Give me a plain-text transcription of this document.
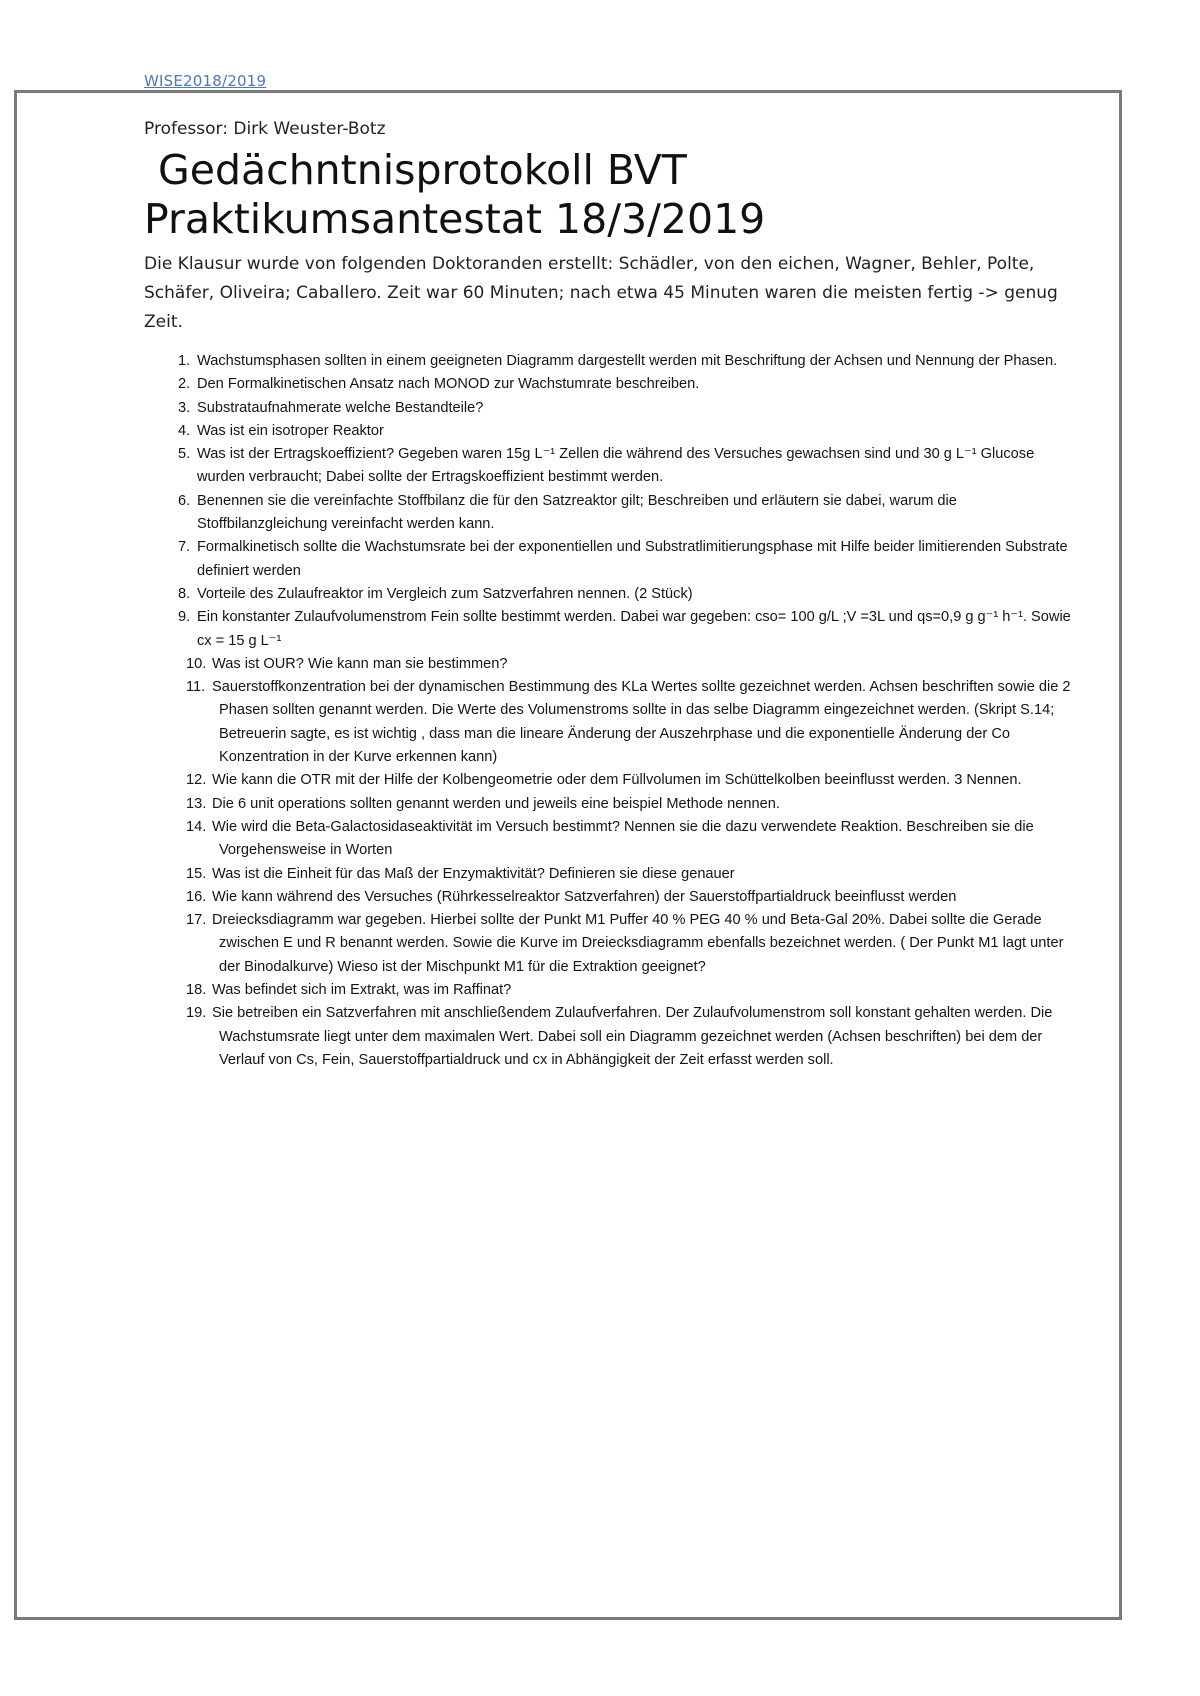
WISE2018/2019
Professor: Dirk Weuster-Botz
Gedächntnisprotokoll BVT
Praktikumsantestat 18/3/2019

Die Klausur wurde von folgenden Doktoranden erstellt: Schädler, von den eichen, Wagner, Behler, Polte, Schäfer, Oliveira; Caballero. Zeit war 60 Minuten; nach etwa 45 Minuten waren die meisten fertig -> genug Zeit.

1. Wachstumsphasen sollten in einem geeigneten Diagramm dargestellt werden mit Beschriftung der Achsen und Nennung der Phasen.
2. Den Formalkinetischen Ansatz nach MONOD zur Wachstumrate beschreiben.
3. Substrataufnahmerate welche Bestandteile?
4. Was ist ein isotroper Reaktor
5. Was ist der Ertragskoeffizient? Gegeben waren 15g L⁻¹ Zellen die während des Versuches gewachsen sind und 30 g L⁻¹ Glucose wurden verbraucht; Dabei sollte der Ertragskoeffizient bestimmt werden.
6. Benennen sie die vereinfachte Stoffbilanz die für den Satzreaktor gilt; Beschreiben und erläutern sie dabei, warum die Stoffbilanzgleichung vereinfacht werden kann.
7. Formalkinetisch sollte die Wachstumsrate bei der exponentiellen und Substratlimitierungsphase mit Hilfe beider limitierenden Substrate definiert werden
8. Vorteile des Zulaufreaktor im Vergleich zum Satzverfahren nennen. (2 Stück)
9. Ein konstanter Zulaufvolumenstrom Fein sollte bestimmt werden. Dabei war gegeben: cso= 100 g/L ;V =3L und qs=0,9 g g⁻¹ h⁻¹. Sowie cx = 15 g L⁻¹
10. Was ist OUR? Wie kann man sie bestimmen?
11. Sauerstoffkonzentration bei der dynamischen Bestimmung des KLa Wertes sollte gezeichnet werden. Achsen beschriften sowie die 2 Phasen sollten genannt werden. Die Werte des Volumenstroms sollte in das selbe Diagramm eingezeichnet werden. (Skript S.14; Betreuerin sagte, es ist wichtig , dass man die lineare Änderung der Auszehrphase und die exponentielle Änderung der Co Konzentration in der Kurve erkennen kann)
12. Wie kann die OTR mit der Hilfe der Kolbengeometrie oder dem Füllvolumen im Schüttelkolben beeinflusst werden. 3 Nennen.
13. Die 6 unit operations sollten genannt werden und jeweils eine beispiel Methode nennen.
14. Wie wird die Beta-Galactosidaseaktivität im Versuch bestimmt? Nennen sie die dazu verwendete Reaktion. Beschreiben sie die Vorgehensweise in Worten
15. Was ist die Einheit für das Maß der Enzymaktivität? Definieren sie diese genauer
16. Wie kann während des Versuches (Rührkesselreaktor Satzverfahren) der Sauerstoffpartialdruck beeinflusst werden
17. Dreiecksdiagramm war gegeben. Hierbei sollte der Punkt M1 Puffer 40 % PEG 40 % und Beta-Gal 20%. Dabei sollte die Gerade zwischen E und R benannt werden. Sowie die Kurve im Dreiecksdiagramm ebenfalls bezeichnet werden. ( Der Punkt M1 lagt unter der Binodalkurve) Wieso ist der Mischpunkt M1 für die Extraktion geeignet?
18. Was befindet sich im Extrakt, was im Raffinat?
19. Sie betreiben ein Satzverfahren mit anschließendem Zulaufverfahren. Der Zulaufvolumenstrom soll konstant gehalten werden. Die Wachstumsrate liegt unter dem maximalen Wert. Dabei soll ein Diagramm gezeichnet werden (Achsen beschriften) bei dem der Verlauf von Cs, Fein, Sauerstoffpartialdruck und cx in Abhängigkeit der Zeit erfasst werden soll.
